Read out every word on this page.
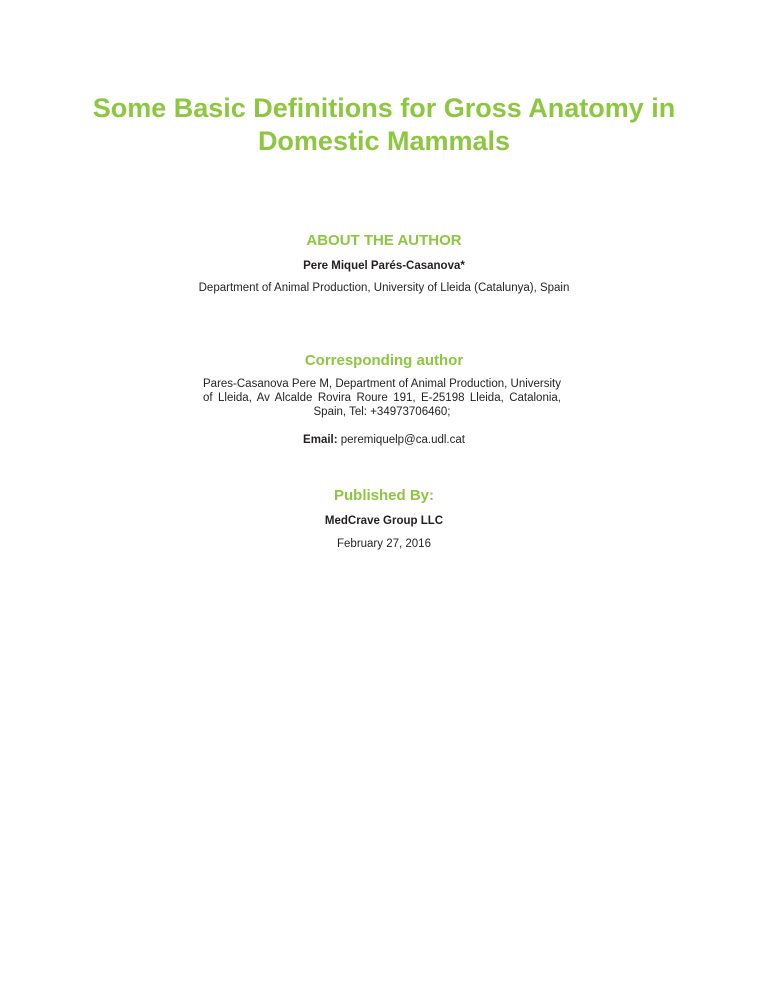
Some Basic Definitions for Gross Anatomy in Domestic Mammals
ABOUT THE AUTHOR

Pere Miquel Parés-Casanova*

Department of Animal Production, University of Lleida (Catalunya), Spain

Corresponding author

Pares-Casanova Pere M, Department of Animal Production, University of Lleida, Av Alcalde Rovira Roure 191, E-25198 Lleida, Catalonia, Spain, Tel: +34973706460;

Email: peremiquelp@ca.udl.cat

Published By:

MedCrave Group LLC

February 27, 2016
